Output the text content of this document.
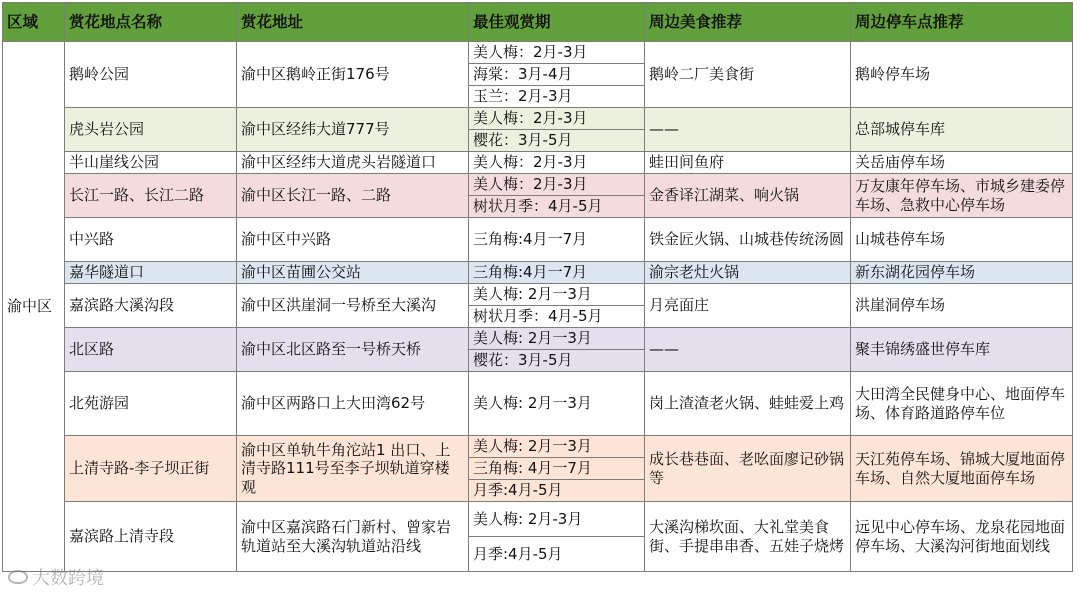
区域	赏花地点名称	赏花地址	最佳观赏期	周边美食推荐	周边停车点推荐
渝中区	鹅岭公园	渝中区鹅岭正街176号	美人梅：2月-3月	鹅岭二厂美食街	鹅岭停车场
			海棠：3月-4月		
			玉兰：2月-3月		
	虎头岩公园	渝中区经纬大道777号	美人梅：2月-3月	——	总部城停车库
			樱花：3月-5月		
	半山崖线公园	渝中区经纬大道虎头岩隧道口	美人梅：2月-3月	蛙田间鱼府	关岳庙停车场
	长江一路、长江二路	渝中区长江一路、二路	美人梅：2月-3月	金香译江湖菜、响火锅	万友康年停车场、市城乡建委停车场、急救中心停车场
			树状月季：4月-5月		
	中兴路	渝中区中兴路	三角梅:4月一7月	铁金匠火锅、山城巷传统汤圆	山城巷停车场
	嘉华隧道口	渝中区苗圃公交站	三角梅:4月一7月	渝宗老灶火锅	新东湖花园停车场
	嘉滨路大溪沟段	渝中区洪崖洞一号桥至大溪沟	美人梅: 2月一3月	月亮面庄	洪崖洞停车场
			树状月季：4月-5月		
	北区路	渝中区北区路至一号桥天桥	美人梅: 2月一3月	——	聚丰锦绣盛世停车库
			樱花：3月-5月		
	北苑游园	渝中区两路口上大田湾62号	美人梅: 2月一3月	岗上渣渣老火锅、蛙蛙爱上鸡	大田湾全民健身中心、地面停车场、体育路道路停车位
	上清寺路-李子坝正街	渝中区单轨牛角沱站1 出口、上清寺路111号至李子坝轨道穿楼观	美人梅: 2月一3月	成长巷巷面、老吆面廖记砂锅等	天江苑停车场、锦城大厦地面停车场、自然大厦地面停车场
			三角梅: 4月一7月		
			月季:4月-5月		
	嘉滨路上清寺段	渝中区嘉滨路石门新村、曾家岩轨道站至大溪沟轨道站沿线	美人梅: 2月-3月	大溪沟梯坎面、大礼堂美食街、手提串串香、五娃子烧烤	远见中心停车场、龙泉花园地面停车场、大溪沟河街地面划线
			月季:4月-5月		
大数跨境
